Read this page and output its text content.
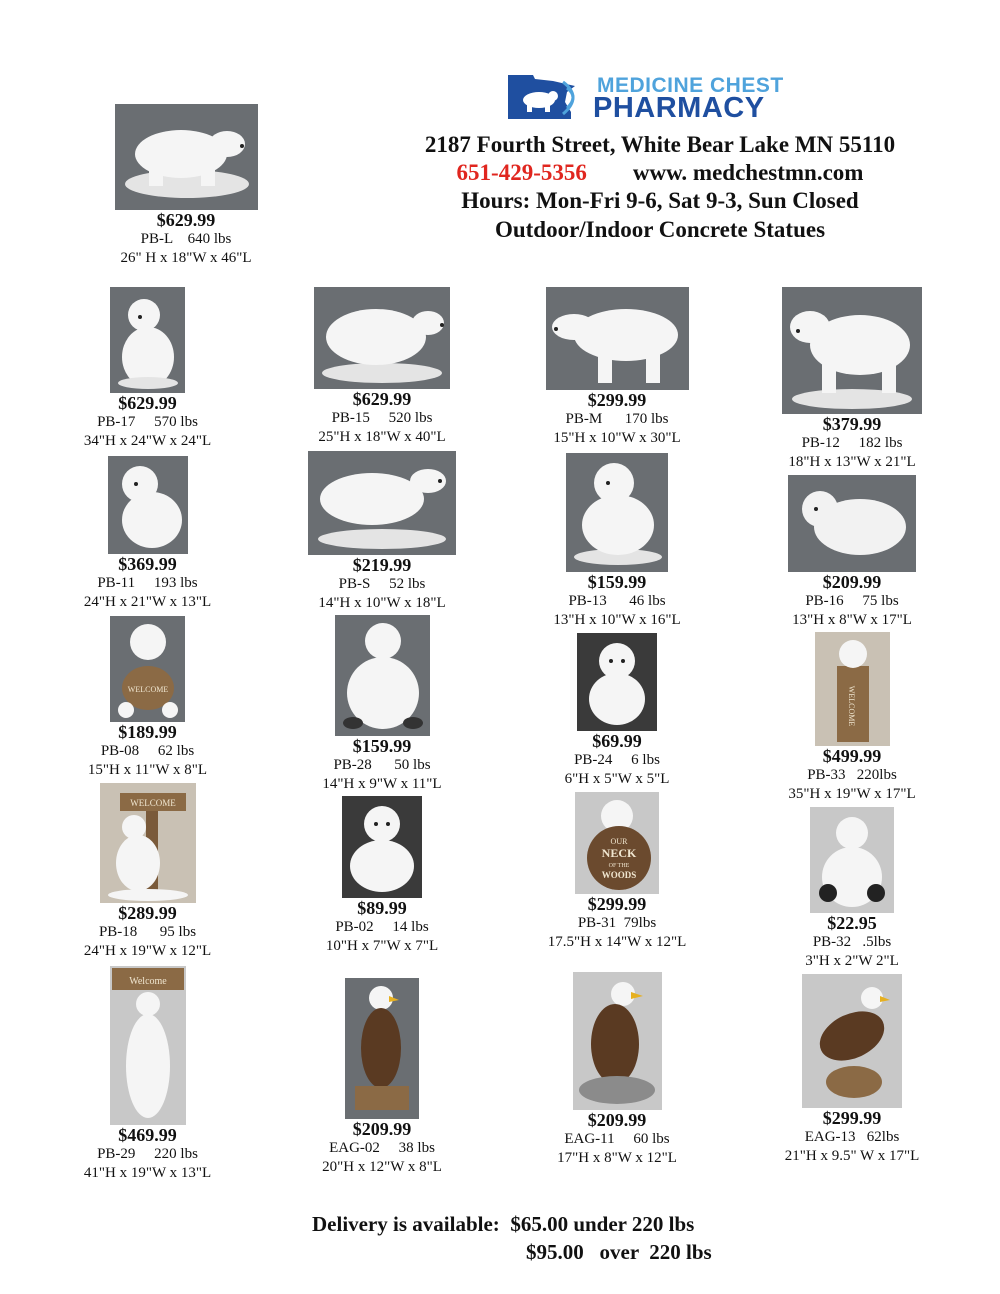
MEDICINE CHEST
PHARMACY
2187 Fourth Street, White Bear Lake MN 55110
651-429-5356 www. medchestmn.com
Hours: Mon-Fri 9-6, Sat 9-3, Sun Closed
Outdoor/Indoor Concrete Statues
$629.99
PB-L    640 lbs
26" H x 18"W x 46"L
$629.99
PB-17     570 lbs
34"H x 24"W x 24"L
$629.99
PB-15     520 lbs
25"H x 18"W x 40"L
$299.99
PB-M      170 lbs
15"H x 10"W x 30"L
$379.99
PB-12     182 lbs
18"H x 13"W x 21"L
$369.99
PB-11     193 lbs
24"H x 21"W x 13"L
$219.99
PB-S     52 lbs
14"H x 10"W x 18"L
$159.99
PB-13      46 lbs
13"H x 10"W x 16"L
$209.99
PB-16     75 lbs
13"H x 8"W x 17"L
WELCOME
$189.99
PB-08     62 lbs
15"H x 11"W x 8"L
$159.99
PB-28      50 lbs
14"H x 9"W x 11"L
$69.99
PB-24     6 lbs
6"H x 5"W x 5"L
WELCOME
$499.99
PB-33   220lbs
35"H x 19"W x 17"L
WELCOME
$289.99
PB-18      95 lbs
24"H x 19"W x 12"L
$89.99
PB-02     14 lbs
10"H x 7"W x 7"L
OUR
NECK
OF THE
WOODS
$299.99
PB-31  79lbs
17.5"H x 14"W x 12"L
$22.95
PB-32   .5lbs
3"H x 2"W 2"L
Welcome
$469.99
PB-29     220 lbs
41"H x 19"W x 13"L
$209.99
EAG-02     38 lbs
20"H x 12"W x 8"L
$209.99
EAG-11     60 lbs
17"H x 8"W x 12"L
$299.99
EAG-13   62lbs
21"H x 9.5" W x 17"L
Delivery is available: $65.00 under 220 lbs
$95.00   over  220 lbs
